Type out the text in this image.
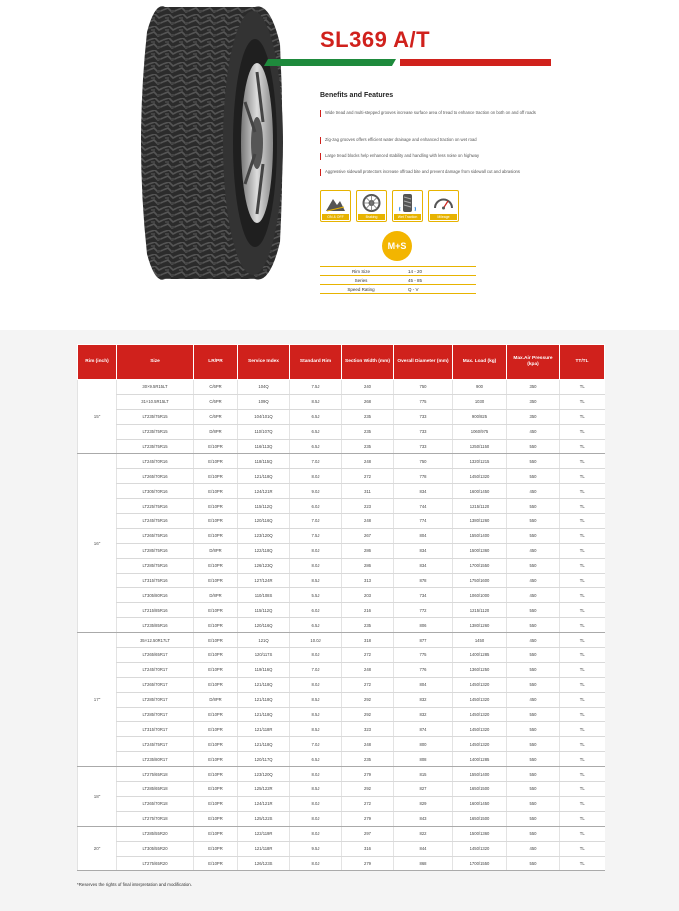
SL369 A/T
Benefits and Features
Wide tread and multi-stepped grooves increase surface area of tread to enhance traction on both on and off roads
Zig-zag grooves offers efficient water drainage and enhanced traction on wet road
Large tread blocks help enhanced stability and handling with less noise on highway
Aggressive sidewall protectors increase offroad bite and prevent damage from sidewall cut and abrasions
ON & OFF	Braking	Wet Traction	Mileage
M+S
Rim Size	14 - 20
Series	45 - 85
Speed Rating	Q - V
Rim (inch)	Size	LR/PR	Service Index	Standard Rim	Section Width (mm)	Overall Diameter (mm)	Max. Load (kg)	Max.Air Pressure (kpa)	TT/TL
15"	30×9.5R15LT	C/6PR	104Q	7.5J	240	750	900	350	TL
	31×10.5R15LT	C/6PR	109Q	8.5J	268	775	1030	350	TL
	LT235/75R15	C/6PR	104/101Q	6.5J	235	733	900/825	350	TL
	LT235/75R15	D/8PR	110/107Q	6.5J	235	733	1060/975	450	TL
	LT235/75R15	E/10PR	116/113Q	6.5J	235	733	1250/1150	550	TL
16"	LT245/70R16	E/10PR	118/115Q	7.0J	248	750	1320/1215	550	TL
	LT265/70R16	E/10PR	121/118Q	8.0J	272	778	1450/1320	550	TL
	LT305/70R16	E/10PR	124/121R	9.0J	311	834	1600/1450	450	TL
	LT225/75R16	E/10PR	115/112Q	6.0J	223	744	1215/1120	550	TL
	LT245/75R16	E/10PR	120/116Q	7.0J	248	774	1380/1260	550	TL
	LT265/75R16	E/10PR	123/120Q	7.5J	267	804	1550/1400	550	TL
	LT285/75R16	D/8PR	122/118Q	8.0J	286	834	1500/1360	450	TL
	LT285/75R16	E/10PR	126/123Q	8.0J	286	834	1700/1550	550	TL
	LT315/75R16	E/10PR	127/124R	8.5J	313	878	1750/1600	450	TL
	LT305/80R16	D/8PR	110/108S	5.5J	203	734	1060/1000	450	TL
	LT215/85R16	E/10PR	115/112Q	6.0J	216	772	1215/1120	550	TL
	LT235/85R16	E/10PR	120/116Q	6.5J	235	806	1380/1260	550	TL
17"	35×12.50R17LT	E/10PR	121Q	10.0J	318	877	1450	450	TL
	LT265/65R17	E/10PR	120/117S	8.0J	272	775	1400/1285	550	TL
	LT245/70R17	E/10PR	119/116Q	7.0J	248	776	1360/1250	550	TL
	LT265/70R17	E/10PR	121/118Q	8.0J	272	804	1450/1320	550	TL
	LT285/70R17	D/8PR	121/118Q	8.5J	292	832	1450/1320	450	TL
	LT285/70R17	E/10PR	121/118Q	8.5J	292	832	1450/1320	550	TL
	LT315/70R17	E/10PR	121/118R	8.5J	323	874	1450/1320	550	TL
	LT245/75R17	E/10PR	121/118Q	7.0J	248	800	1450/1320	550	TL
	LT235/80R17	E/10PR	120/117Q	6.5J	235	808	1400/1285	550	TL
18"	LT275/65R18	E/10PR	123/120Q	8.0J	279	815	1550/1400	550	TL
	LT285/65R18	E/10PR	125/122R	8.5J	292	827	1650/1500	550	TL
	LT265/70R18	E/10PR	124/121R	8.0J	272	829	1600/1450	550	TL
	LT275/70R18	E/10PR	125/122S	8.0J	279	843	1650/1500	550	TL
20"	LT285/55R20	E/10PR	122/119R	8.0J	297	822	1500/1360	550	TL
	LT305/55R20	E/10PR	121/118R	9.5J	316	844	1450/1320	450	TL
	LT275/65R20	E/10PR	126/123S	8.0J	279	868	1700/1550	550	TL
*Reserves the rights of final interpretation and modification.
